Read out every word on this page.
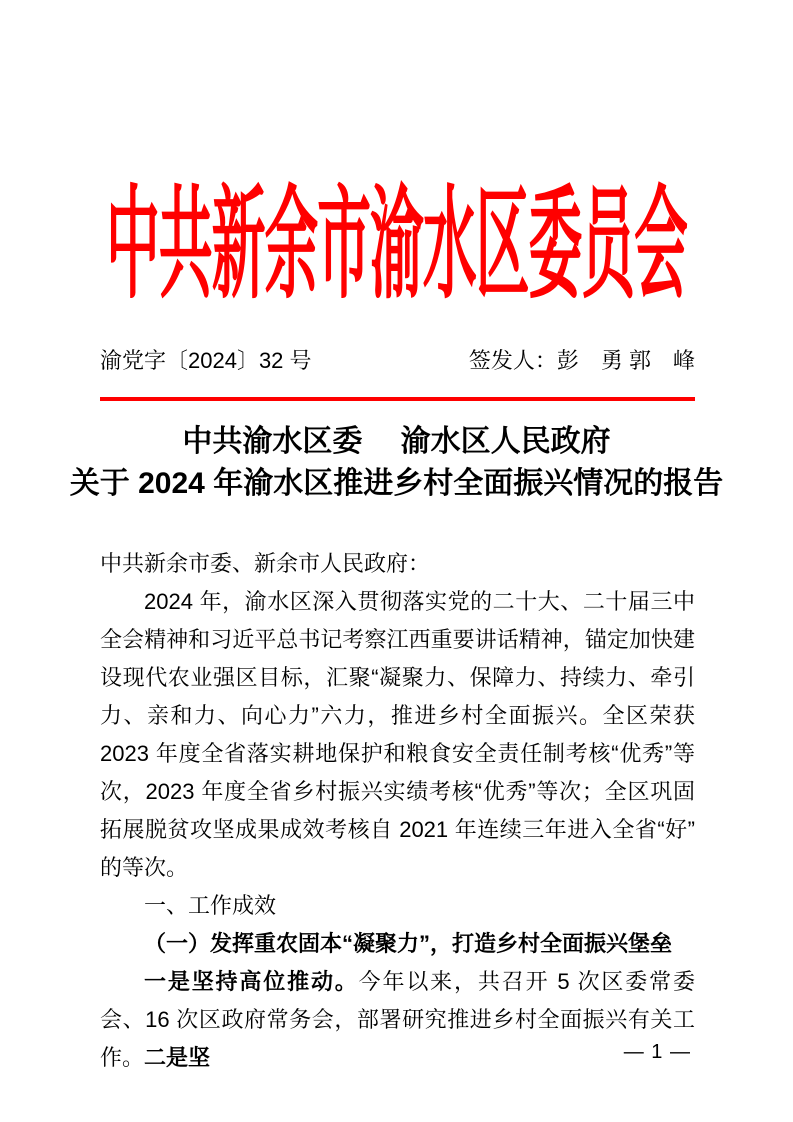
中共新余市渝水区委员会
渝党字〔2024〕32 号	签发人：彭　勇 郭　峰
中共渝水区委　 渝水区人民政府
关于 2024 年渝水区推进乡村全面振兴情况的报告

中共新余市委、新余市人民政府：

2024 年，渝水区深入贯彻落实党的二十大、二十届三中全会精神和习近平总书记考察江西重要讲话精神，锚定加快建设现代农业强区目标，汇聚“凝聚力、保障力、持续力、牵引力、亲和力、向心力”六力，推进乡村全面振兴。全区荣获 2023 年度全省落实耕地保护和粮食安全责任制考核“优秀”等次，2023 年度全省乡村振兴实绩考核“优秀”等次；全区巩固拓展脱贫攻坚成果成效考核自 2021 年连续三年进入全省“好”的等次。

一、工作成效

（一）发挥重农固本“凝聚力”，打造乡村全面振兴堡垒

一是坚持高位推动。今年以来，共召开 5 次区委常委会、16 次区政府常务会，部署研究推进乡村全面振兴有关工作。二是坚	— 1 —
